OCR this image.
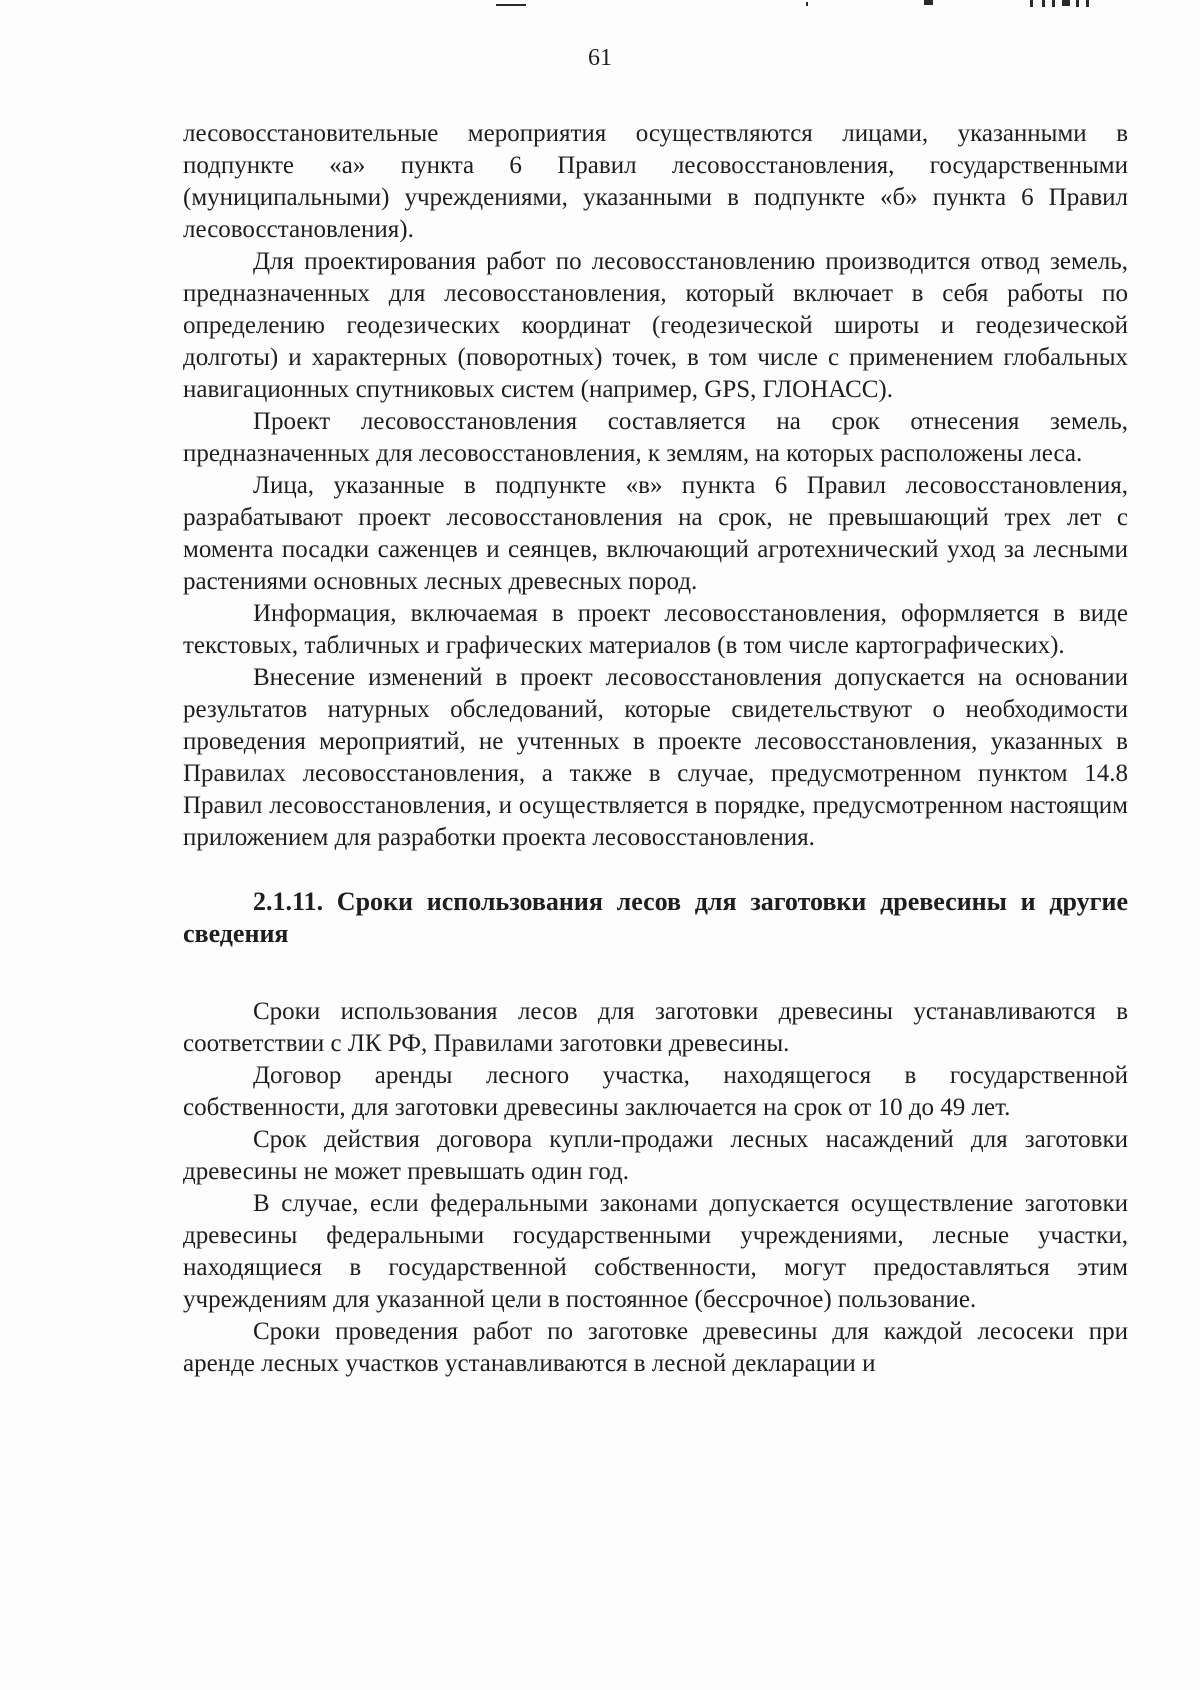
61

лесовосстановительные мероприятия осуществляются лицами, указанными в подпункте «а» пункта 6 Правил лесовосстановления, государственными (муниципальными) учреждениями, указанными в подпункте «б» пункта 6 Правил лесовосстановления).

Для проектирования работ по лесовосстановлению производится отвод земель, предназначенных для лесовосстановления, который включает в себя работы по определению геодезических координат (геодезической широты и геодезической долготы) и характерных (поворотных) точек, в том числе с применением глобальных навигационных спутниковых систем (например, GPS, ГЛОНАСС).

Проект лесовосстановления составляется на срок отнесения земель, предназначенных для лесовосстановления, к землям, на которых расположены леса.

Лица, указанные в подпункте «в» пункта 6 Правил лесовосстановления, разрабатывают проект лесовосстановления на срок, не превышающий трех лет с момента посадки саженцев и сеянцев, включающий агротехнический уход за лесными растениями основных лесных древесных пород.

Информация, включаемая в проект лесовосстановления, оформляется в виде текстовых, табличных и графических материалов (в том числе картографических).

Внесение изменений в проект лесовосстановления допускается на основании результатов натурных обследований, которые свидетельствуют о необходимости проведения мероприятий, не учтенных в проекте лесовосстановления, указанных в Правилах лесовосстановления, а также в случае, предусмотренном пунктом 14.8 Правил лесовосстановления, и осуществляется в порядке, предусмотренном настоящим приложением для разработки проекта лесовосстановления.

2.1.11. Сроки использования лесов для заготовки древесины и другие сведения

Сроки использования лесов для заготовки древесины устанавливаются в соответствии с ЛК РФ, Правилами заготовки древесины.

Договор аренды лесного участка, находящегося в государственной собственности, для заготовки древесины заключается на срок от 10 до 49 лет.

Срок действия договора купли-продажи лесных насаждений для заготовки древесины не может превышать один год.

В случае, если федеральными законами допускается осуществление заготовки древесины федеральными государственными учреждениями, лесные участки, находящиеся в государственной собственности, могут предоставляться этим учреждениям для указанной цели в постоянное (бессрочное) пользование.

Сроки проведения работ по заготовке древесины для каждой лесосеки при аренде лесных участков устанавливаются в лесной декларации и
